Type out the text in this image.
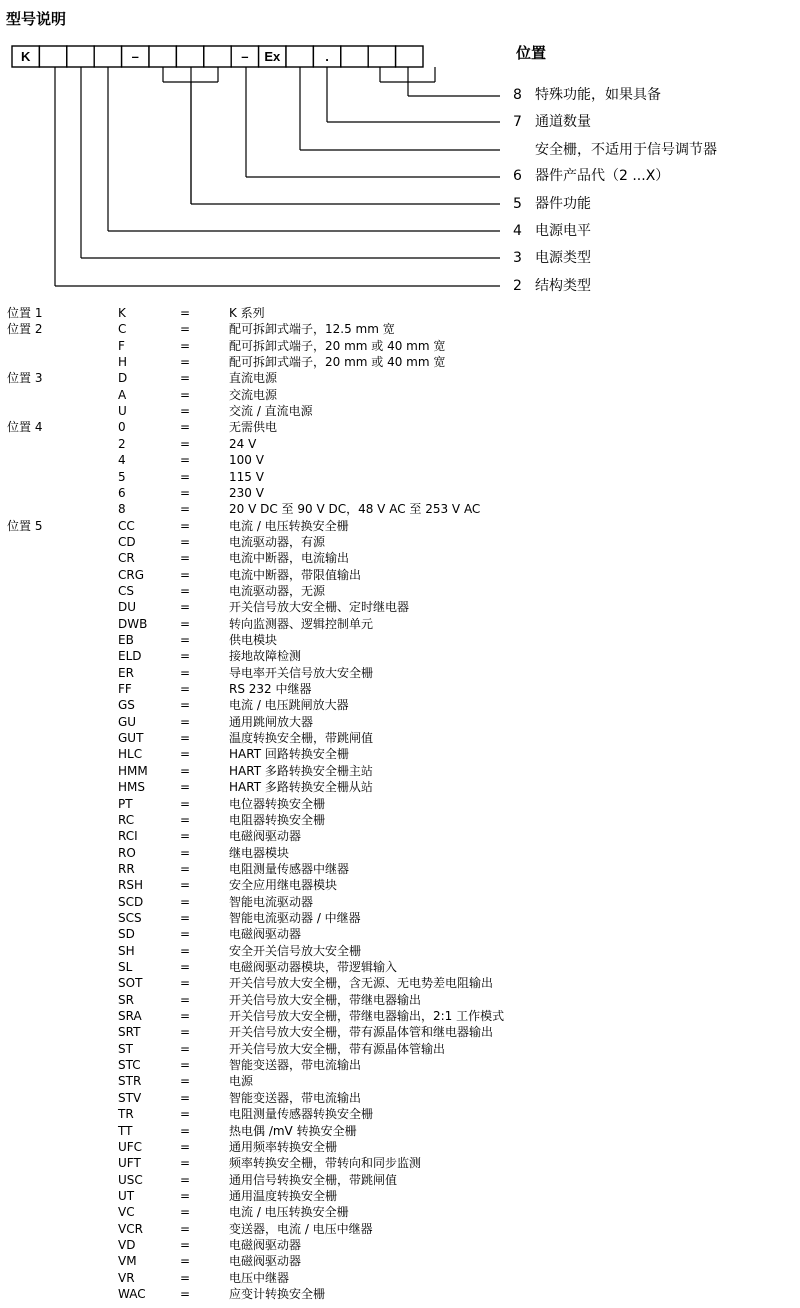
型号说明
K	–	– Ex	.	位置
8 特殊功能，如果具备
7 通道数量
安全栅，不适用于信号调节器
6 器件产品代（2 ...X）
5 器件功能
4 电源电平
3 电源类型
2 结构类型
位置 1	K	=	K 系列
位置 2	C	=	配可拆卸式端子，12.5 mm 宽
F	=	配可拆卸式端子，20 mm 或 40 mm 宽
H	=	配可拆卸式端子，20 mm 或 40 mm 宽
位置 3	D	=	直流电源
A	=	交流电源
U	=	交流 / 直流电源
位置 4	0	=	无需供电
2	=	24 V
4	=	100 V
5	=	115 V
6	=	230 V
8	=	20 V DC 至 90 V DC，48 V AC 至 253 V AC
位置 5	CC	=	电流 / 电压转换安全栅
CD	=	电流驱动器，有源
CR	=	电流中断器，电流输出
CRG	=	电流中断器，带限值输出
CS	=	电流驱动器，无源
DU	=	开关信号放大安全栅、定时继电器
DWB	=	转向监测器、逻辑控制单元
EB	=	供电模块
ELD	=	接地故障检测
ER	=	导电率开关信号放大安全栅
FF	=	RS 232 中继器
GS	=	电流 / 电压跳闸放大器
GU	=	通用跳闸放大器
GUT	=	温度转换安全栅，带跳闸值
HLC	=	HART 回路转换安全栅
HMM	=	HART 多路转换安全栅主站
HMS	=	HART 多路转换安全栅从站
PT	=	电位器转换安全栅
RC	=	电阻器转换安全栅
RCI	=	电磁阀驱动器
RO	=	继电器模块
RR	=	电阻测量传感器中继器
RSH	=	安全应用继电器模块
SCD	=	智能电流驱动器
SCS	=	智能电流驱动器 / 中继器
SD	=	电磁阀驱动器
SH	=	安全开关信号放大安全栅
SL	=	电磁阀驱动器模块，带逻辑输入
SOT	=	开关信号放大安全栅，含无源、无电势差电阻输出
SR	=	开关信号放大安全栅，带继电器输出
SRA	=	开关信号放大安全栅，带继电器输出，2:1 工作模式
SRT	=	开关信号放大安全栅，带有源晶体管和继电器输出
ST	=	开关信号放大安全栅，带有源晶体管输出
STC	=	智能变送器，带电流输出
STR	=	电源
STV	=	智能变送器，带电流输出
TR	=	电阻测量传感器转换安全栅
TT	=	热电偶 /mV 转换安全栅
UFC	=	通用频率转换安全栅
UFT	=	频率转换安全栅，带转向和同步监测
USC	=	通用信号转换安全栅，带跳闸值
UT	=	通用温度转换安全栅
VC	=	电流 / 电压转换安全栅
VCR	=	变送器，电流 / 电压中继器
VD	=	电磁阀驱动器
VM	=	电磁阀驱动器
VR	=	电压中继器
WAC	=	应变计转换安全栅
